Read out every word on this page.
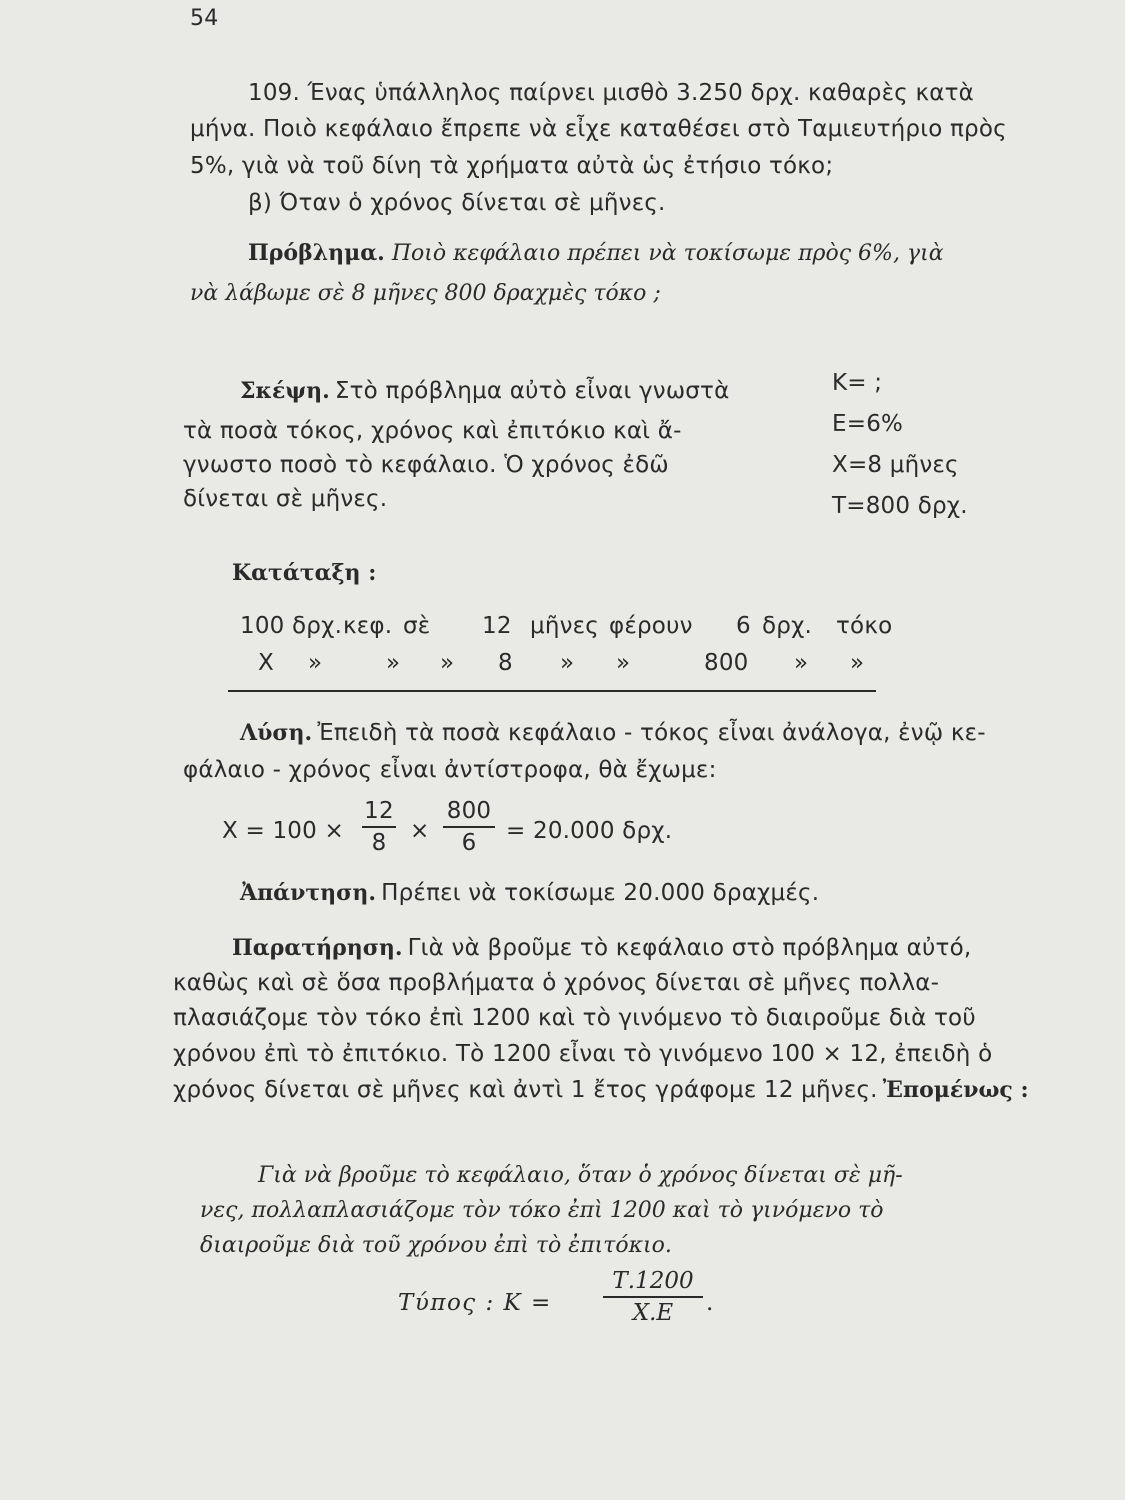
54
109. Ένας ὑπάλληλος παίρνει μισθὸ 3.250 δρχ. καθαρὲς κατὰ
μήνα. Ποιὸ κεφάλαιο ἔπρεπε νὰ εἶχε καταθέσει στὸ Ταμιευτήριο πρὸς
5%, γιὰ νὰ τοῦ δίνη τὰ χρήματα αὐτὰ ὡς ἐτήσιο τόκο;
β) Όταν ὁ χρόνος δίνεται σὲ μῆνες.
Πρόβλημα. Ποιὸ κεφάλαιο πρέπει νὰ τοκίσωμε πρὸς 6%, γιὰ
νὰ λάβωμε σὲ 8 μῆνες 800 δραχμὲς τόκο ;
Σκέψη. Στὸ πρόβλημα αὐτὸ εἶναι γνωστὰ
τὰ ποσὰ τόκος, χρόνος καὶ ἐπιτόκιο καὶ ἄ-
γνωστο ποσὸ τὸ κεφάλαιο. Ὁ χρόνος ἐδῶ
δίνεται σὲ μῆνες.
Κ= ;
Ε=6%
Χ=8 μῆνες
Τ=800 δρχ.
Κατάταξη :
100 δρχ. κεφ. σὲ 12 μῆνες φέρουν 6 δρχ. τόκο
Χ »	» » 8 » »	800 » »
Λύση. Ἐπειδὴ τὰ ποσὰ κεφάλαιο - τόκος εἶναι ἀνάλογα, ἐνῷ κε-
φάλαιο - χρόνος εἶναι ἀντίστροφα, θὰ ἔχωμε:
Χ = 100 ×
12
8	×
800
6	= 20.000 δρχ.
Ἀπάντηση. Πρέπει νὰ τοκίσωμε 20.000 δραχμές.
Παρατήρηση. Γιὰ νὰ βροῦμε τὸ κεφάλαιο στὸ πρόβλημα αὐτό,
καθὼς καὶ σὲ ὅσα προβλήματα ὁ χρόνος δίνεται σὲ μῆνες πολλα-
πλασιάζομε τὸν τόκο ἐπὶ 1200 καὶ τὸ γινόμενο τὸ διαιροῦμε διὰ τοῦ
χρόνου ἐπὶ τὸ ἐπιτόκιο. Τὸ 1200 εἶναι τὸ γινόμενο 100 × 12, ἐπειδὴ ὁ
χρόνος δίνεται σὲ μῆνες καὶ ἀντὶ 1 ἔτος γράφομε 12 μῆνες. Ἐπομένως :
Γιὰ νὰ βροῦμε τὸ κεφάλαιο, ὅταν ὁ χρόνος δίνεται σὲ μῆ-
νες, πολλαπλασιάζομε τὸν τόκο ἐπὶ 1200 καὶ τὸ γινόμενο τὸ
διαιροῦμε διὰ τοῦ χρόνου ἐπὶ τὸ ἐπιτόκιο.
Τύπος : Κ =
Τ.1200
Χ.Ε	.
